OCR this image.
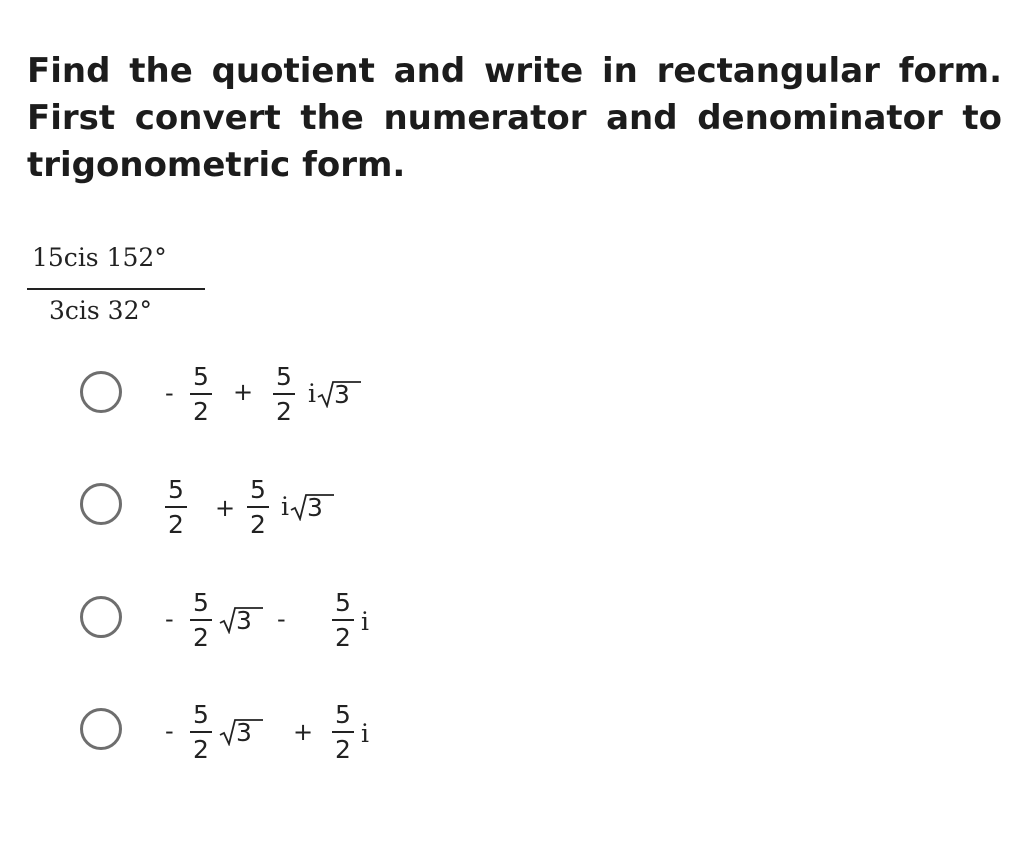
Find the quotient and write in rectangular form. First convert the numerator and denominator to trigonometric form.
15cis 152°
3cis 32°
-
5
2
+
5
2
i 3
5
2
+
5
2
i 3
-
5
2
3 -
5
2
i
-
5
2
3 +
5
2
i
